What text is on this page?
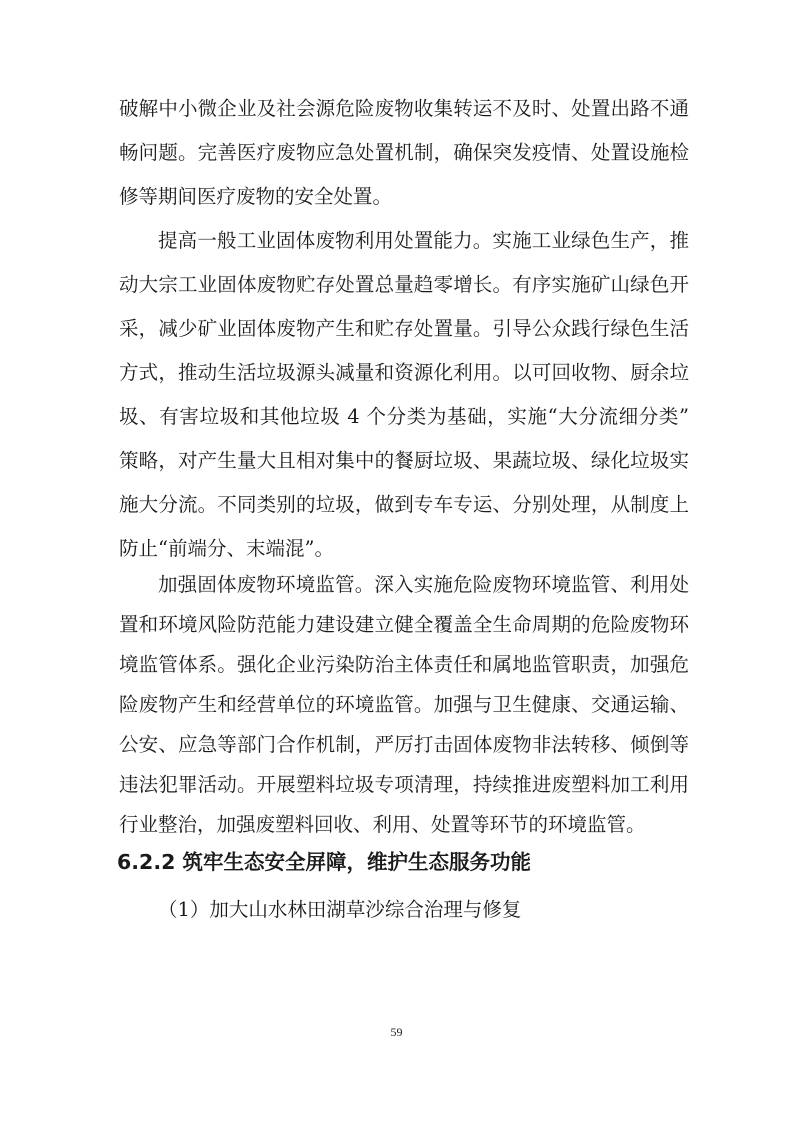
破解中小微企业及社会源危险废物收集转运不及时、处置出路不通
畅问题。完善医疗废物应急处置机制，确保突发疫情、处置设施检
修等期间医疗废物的安全处置。
提高一般工业固体废物利用处置能力。实施工业绿色生产，推
动大宗工业固体废物贮存处置总量趋零增长。有序实施矿山绿色开
采，减少矿业固体废物产生和贮存处置量。引导公众践行绿色生活
方式，推动生活垃圾源头减量和资源化利用。以可回收物、厨余垃
圾、有害垃圾和其他垃圾 4 个分类为基础，实施“大分流细分类”
策略，对产生量大且相对集中的餐厨垃圾、果蔬垃圾、绿化垃圾实
施大分流。不同类别的垃圾，做到专车专运、分别处理，从制度上
防止“前端分、末端混”。
加强固体废物环境监管。深入实施危险废物环境监管、利用处
置和环境风险防范能力建设建立健全覆盖全生命周期的危险废物环
境监管体系。强化企业污染防治主体责任和属地监管职责，加强危
险废物产生和经营单位的环境监管。加强与卫生健康、交通运输、
公安、应急等部门合作机制，严厉打击固体废物非法转移、倾倒等
违法犯罪活动。开展塑料垃圾专项清理，持续推进废塑料加工利用
6.2.2 筑牢生态安全屏障，维护生态服务功能
（1）加大山水林田湖草沙综合治理与修复
59
行业整治，加强废塑料回收、利用、处置等环节的环境监管。
